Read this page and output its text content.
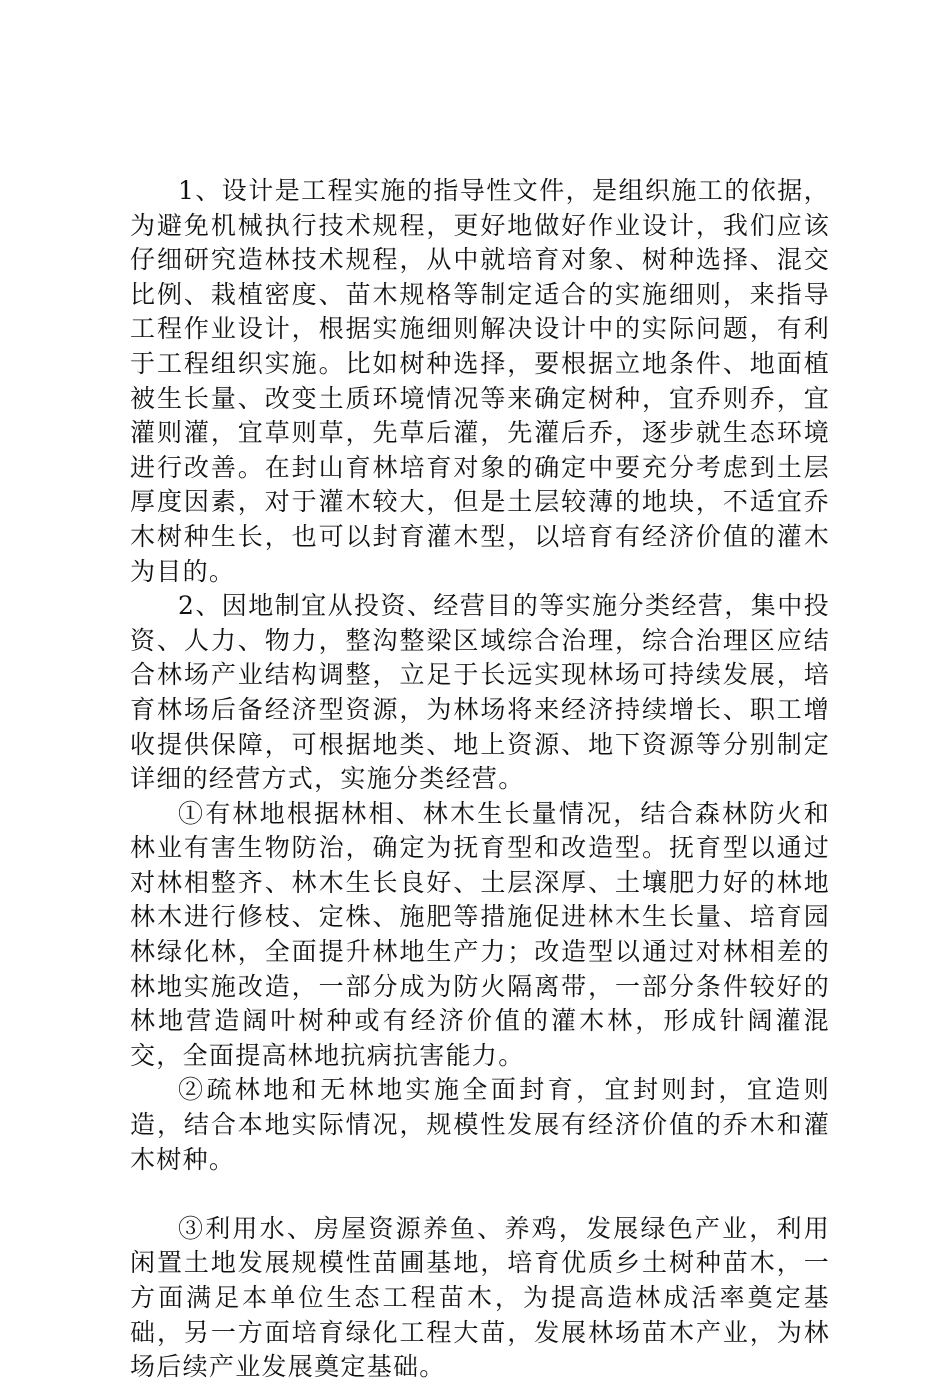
1、设计是工程实施的指导性文件，是组织施工的依据，为避免机械执行技术规程，更好地做好作业设计，我们应该仔细研究造林技术规程，从中就培育对象、树种选择、混交比例、栽植密度、苗木规格等制定适合的实施细则，来指导工程作业设计，根据实施细则解决设计中的实际问题，有利于工程组织实施。比如树种选择，要根据立地条件、地面植被生长量、改变土质环境情况等来确定树种，宜乔则乔，宜灌则灌，宜草则草，先草后灌，先灌后乔，逐步就生态环境进行改善。在封山育林培育对象的确定中要充分考虑到土层厚度因素，对于灌木较大，但是土层较薄的地块，不适宜乔木树种生长，也可以封育灌木型，以培育有经济价值的灌木为目的。

2、因地制宜从投资、经营目的等实施分类经营，集中投资、人力、物力，整沟整梁区域综合治理，综合治理区应结合林场产业结构调整，立足于长远实现林场可持续发展，培育林场后备经济型资源，为林场将来经济持续增长、职工增收提供保障，可根据地类、地上资源、地下资源等分别制定详细的经营方式，实施分类经营。

①有林地根据林相、林木生长量情况，结合森林防火和林业有害生物防治，确定为抚育型和改造型。抚育型以通过对林相整齐、林木生长良好、土层深厚、土壤肥力好的林地林木进行修枝、定株、施肥等措施促进林木生长量、培育园林绿化林，全面提升林地生产力；改造型以通过对林相差的林地实施改造，一部分成为防火隔离带，一部分条件较好的林地营造阔叶树种或有经济价值的灌木林，形成针阔灌混交，全面提高林地抗病抗害能力。

②疏林地和无林地实施全面封育，宜封则封，宜造则造，结合本地实际情况，规模性发展有经济价值的乔木和灌木树种。

③利用水、房屋资源养鱼、养鸡，发展绿色产业，利用闲置土地发展规模性苗圃基地，培育优质乡土树种苗木，一方面满足本单位生态工程苗木，为提高造林成活率奠定基础，另一方面培育绿化工程大苗，发展林场苗木产业，为林场后续产业发展奠定基础。
